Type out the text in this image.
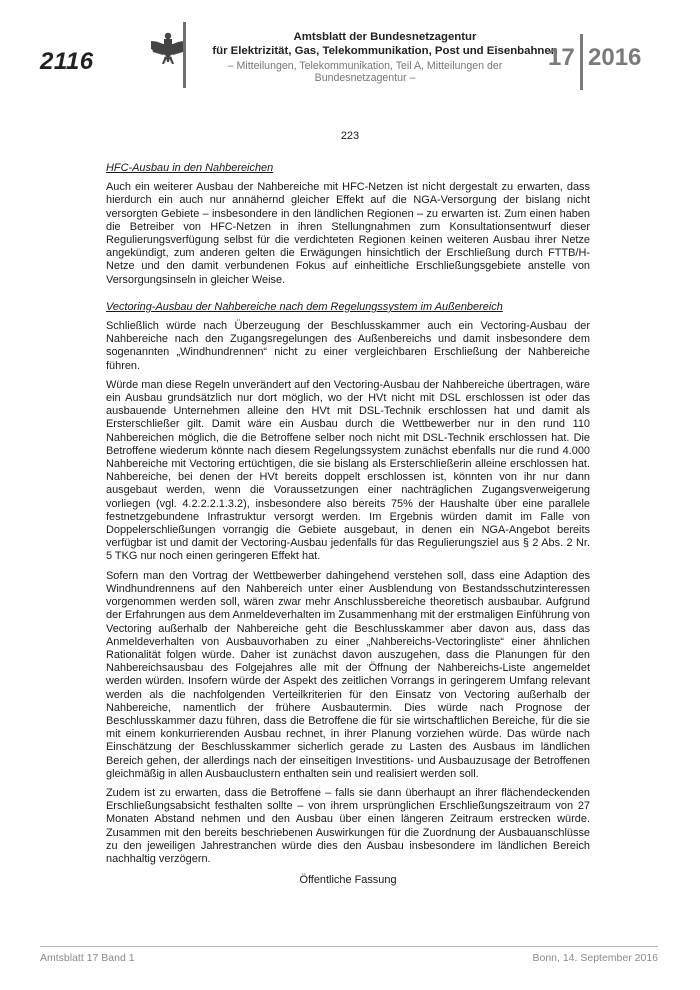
2116
Amtsblatt der Bundesnetzagentur
für Elektrizität, Gas, Telekommunikation, Post und Eisenbahnen
– Mitteilungen, Telekommunikation, Teil A, Mitteilungen der Bundesnetzagentur –
17 2016
223
HFC-Ausbau in den Nahbereichen

Auch ein weiterer Ausbau der Nahbereiche mit HFC-Netzen ist nicht dergestalt zu erwarten, dass hierdurch ein auch nur annähernd gleicher Effekt auf die NGA-Versorgung der bislang nicht versorgten Gebiete – insbesondere in den ländlichen Regionen – zu erwarten ist. Zum einen haben die Betreiber von HFC-Netzen in ihren Stellungnahmen zum Konsultationsentwurf dieser Regulierungsverfügung selbst für die verdichteten Regionen keinen weiteren Ausbau ihrer Netze angekündigt, zum anderen gelten die Erwägungen hinsichtlich der Erschließung durch FTTB/H-Netze und den damit verbundenen Fokus auf einheitliche Erschließungsgebiete anstelle von Versorgungsinseln in gleicher Weise.

Vectoring-Ausbau der Nahbereiche nach dem Regelungssystem im Außenbereich

Schließlich würde nach Überzeugung der Beschlusskammer auch ein Vectoring-Ausbau der Nahbereiche nach den Zugangsregelungen des Außenbereichs und damit insbesondere dem sogenannten „Windhundrennen“ nicht zu einer vergleichbaren Erschließung der Nahbereiche führen.

Würde man diese Regeln unverändert auf den Vectoring-Ausbau der Nahbereiche übertragen, wäre ein Ausbau grundsätzlich nur dort möglich, wo der HVt nicht mit DSL erschlossen ist oder das ausbauende Unternehmen alleine den HVt mit DSL-Technik erschlossen hat und damit als Ersterschließer gilt. Damit wäre ein Ausbau durch die Wettbewerber nur in den rund 110 Nahbereichen möglich, die die Betroffene selber noch nicht mit DSL-Technik erschlossen hat. Die Betroffene wiederum könnte nach diesem Regelungssystem zunächst ebenfalls nur die rund 4.000 Nahbereiche mit Vectoring ertüchtigen, die sie bislang als Ersterschließerin alleine erschlossen hat. Nahbereiche, bei denen der HVt bereits doppelt erschlossen ist, könnten von ihr nur dann ausgebaut werden, wenn die Voraussetzungen einer nachträglichen Zugangsverweigerung vorliegen (vgl. 4.2.2.2.1.3.2), insbesondere also bereits 75% der Haushalte über eine parallele festnetzgebundene Infrastruktur versorgt werden. Im Ergebnis würden damit im Falle von Doppelerschließungen vorrangig die Gebiete ausgebaut, in denen ein NGA-Angebot bereits verfügbar ist und damit der Vectoring-Ausbau jedenfalls für das Regulierungsziel aus § 2 Abs. 2 Nr. 5 TKG nur noch einen geringeren Effekt hat.

Sofern man den Vortrag der Wettbewerber dahingehend verstehen soll, dass eine Adaption des Windhundrennens auf den Nahbereich unter einer Ausblendung von Bestandsschutzinteressen vorgenommen werden soll, wären zwar mehr Anschlussbereiche theoretisch ausbaubar. Aufgrund der Erfahrungen aus dem Anmeldeverhalten im Zusammenhang mit der erstmaligen Einführung von Vectoring außerhalb der Nahbereiche geht die Beschlusskammer aber davon aus, dass das Anmeldeverhalten von Ausbauvorhaben zu einer „Nahbereichs-Vectoringliste“ einer ähnlichen Rationalität folgen würde. Daher ist zunächst davon auszugehen, dass die Planungen für den Nahbereichsausbau des Folgejahres alle mit der Öffnung der Nahbereichs-Liste angemeldet werden würden. Insofern würde der Aspekt des zeitlichen Vorrangs in geringerem Umfang relevant werden als die nachfolgenden Verteilkriterien für den Einsatz von Vectoring außerhalb der Nahbereiche, namentlich der frühere Ausbautermin. Dies würde nach Prognose der Beschlusskammer dazu führen, dass die Betroffene die für sie wirtschaftlichen Bereiche, für die sie mit einem konkurrierenden Ausbau rechnet, in ihrer Planung vorziehen würde. Das würde nach Einschätzung der Beschlusskammer sicherlich gerade zu Lasten des Ausbaus im ländlichen Bereich gehen, der allerdings nach der einseitigen Investitions- und Ausbauzusage der Betroffenen gleichmäßig in allen Ausbauclustern enthalten sein und realisiert werden soll.

Zudem ist zu erwarten, dass die Betroffene – falls sie dann überhaupt an ihrer flächendeckenden Erschließungsabsicht festhalten sollte – von ihrem ursprünglichen Erschließungszeitraum von 27 Monaten Abstand nehmen und den Ausbau über einen längeren Zeitraum erstrecken würde. Zusammen mit den bereits beschriebenen Auswirkungen für die Zuordnung der Ausbauanschlüsse zu den jeweiligen Jahrestranchen würde dies den Ausbau insbesondere im ländlichen Bereich nachhaltig verzögern.

Öffentliche Fassung

Amtsblatt 17 Band 1	Bonn, 14. September 2016
